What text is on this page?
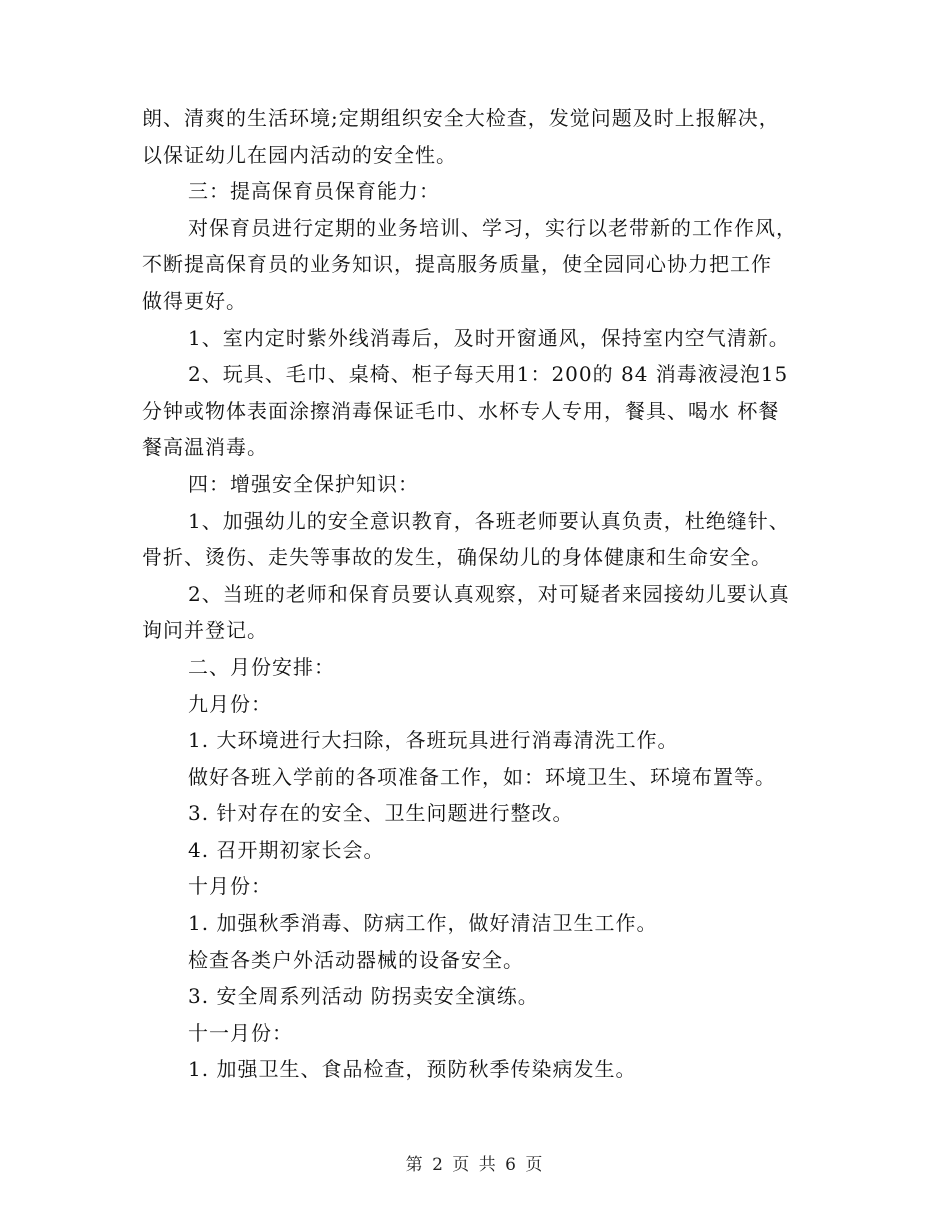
朗、清爽的生活环境;定期组织安全大检查，发觉问题及时上报解决，
以保证幼儿在园内活动的安全性。
三：提高保育员保育能力：
对保育员进行定期的业务培训、学习，实行以老带新的工作作风，
不断提高保育员的业务知识，提高服务质量，使全园同心协力把工作
做得更好。
1、室内定时紫外线消毒后，及时开窗通风，保持室内空气清新。
2、玩具、毛巾、桌椅、柜子每天用1：200的 84 消毒液浸泡15
分钟或物体表面涂擦消毒保证毛巾、水杯专人专用，餐具、喝水 杯餐
餐高温消毒。
四：增强安全保护知识：
1、加强幼儿的安全意识教育，各班老师要认真负责，杜绝缝针、
骨折、烫伤、走失等事故的发生，确保幼儿的身体健康和生命安全。
2、当班的老师和保育员要认真观察，对可疑者来园接幼儿要认真
询问并登记。
二、月份安排：
九月份：
1. 大环境进行大扫除，各班玩具进行消毒清洗工作。
做好各班入学前的各项准备工作，如：环境卫生、环境布置等。
3. 针对存在的安全、卫生问题进行整改。
4. 召开期初家长会。
十月份：
1. 加强秋季消毒、防病工作，做好清洁卫生工作。
检查各类户外活动器械的设备安全。
3. 安全周系列活动 防拐卖安全演练。
十一月份：
1. 加强卫生、食品检查，预防秋季传染病发生。
第 2 页 共 6 页
